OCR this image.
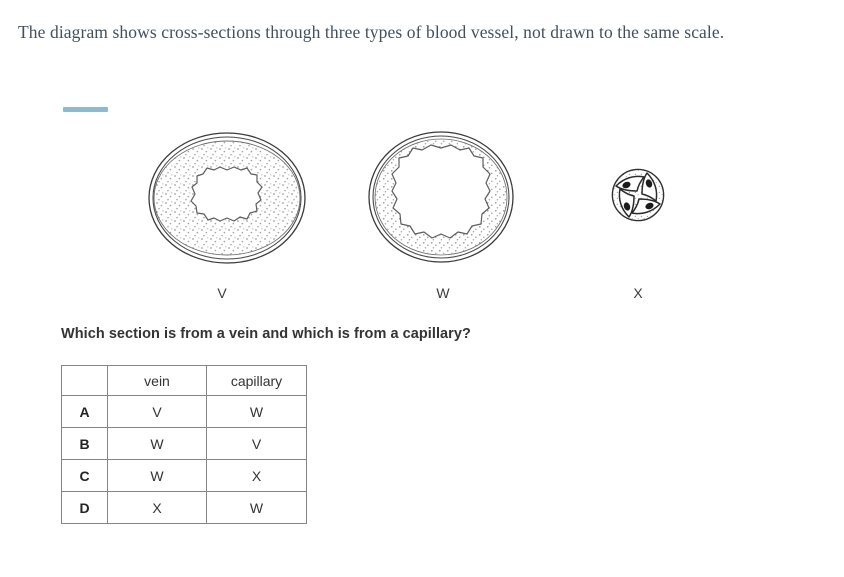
The diagram shows cross-sections through three types of blood vessel, not drawn to the same scale.
V	W	X
Which section is from a vein and which is from a capillary?
	vein	capillary
A	V	W
B	W	V
C	W	X
D	X	W
